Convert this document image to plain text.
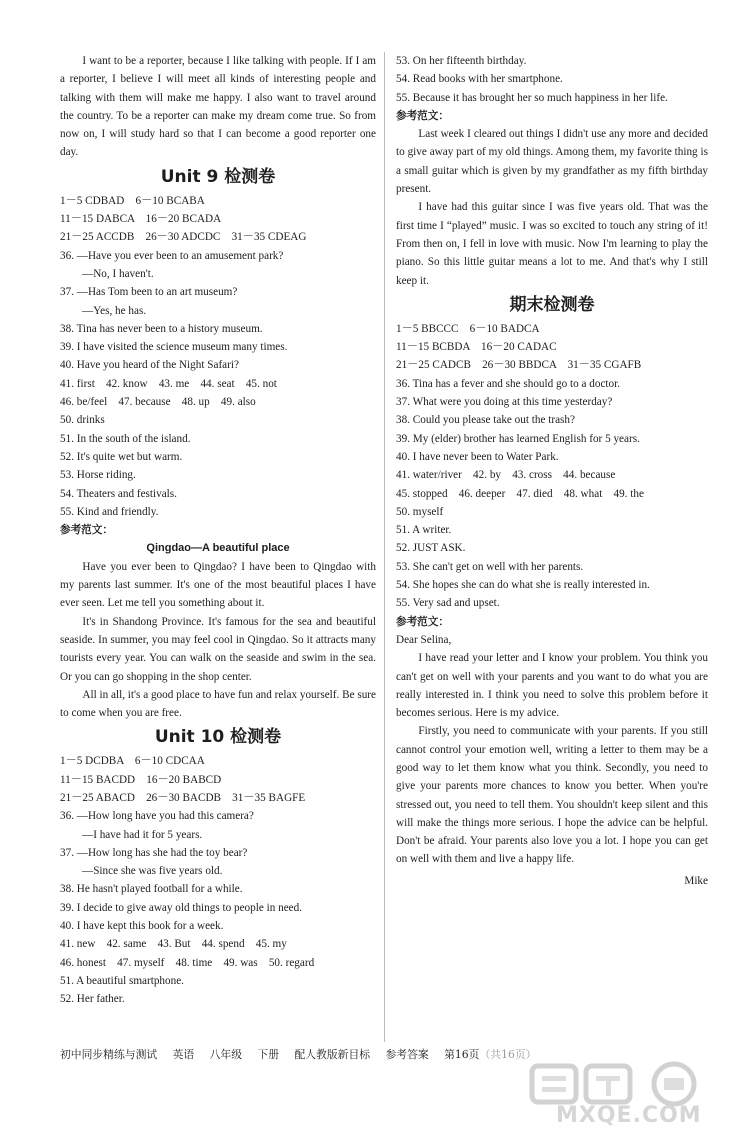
I want to be a reporter, because I like talking with people. If I am a reporter, I believe I will meet all kinds of interesting people and talking with them will make me happy. I also want to travel around the country. To be a reporter can make my dream come true. So from now on, I will study hard so that I can become a good reporter one day.

Unit 9 检测卷

1－5 CDBAD　6－10 BCABA

11－15 DABCA　16－20 BCADA

21－25 ACCDB　26－30 ADCDC　31－35 CDEAG

36. —Have you ever been to an amusement park?

—No, I haven't.

37. —Has Tom been to an art museum?

—Yes, he has.

38. Tina has never been to a history museum.

39. I have visited the science museum many times.

40. Have you heard of the Night Safari?

41. first　42. know　43. me　44. seat　45. not

46. be/feel　47. because　48. up　49. also

50. drinks

51. In the south of the island.

52. It's quite wet but warm.

53. Horse riding.

54. Theaters and festivals.

55. Kind and friendly.

参考范文：

Qingdao—A beautiful place

Have you ever been to Qingdao? I have been to Qingdao with my parents last summer. It's one of the most beautiful places I have ever seen. Let me tell you something about it.

It's in Shandong Province. It's famous for the sea and beautiful seaside. In summer, you may feel cool in Qingdao. So it attracts many tourists every year. You can walk on the seaside and swim in the sea. Or you can go shopping in the shop center.

All in all, it's a good place to have fun and relax yourself. Be sure to come when you are free.

Unit 10 检测卷

1－5 DCDBA　6－10 CDCAA

11－15 BACDD　16－20 BABCD

21－25 ABACD　26－30 BACDB　31－35 BAGFE

36. —How long have you had this camera?

—I have had it for 5 years.

37. —How long has she had the toy bear?

—Since she was five years old.

38. He hasn't played football for a while.

39. I decide to give away old things to people in need.

40. I have kept this book for a week.

41. new　42. same　43. But　44. spend　45. my

46. honest　47. myself　48. time　49. was　50. regard

51. A beautiful smartphone.

52. Her father.

53. On her fifteenth birthday.

54. Read books with her smartphone.

55. Because it has brought her so much happiness in her life.

参考范文：

Last week I cleared out things I didn't use any more and decided to give away part of my old things. Among them, my favorite thing is a small guitar which is given by my grandfather as my fifth birthday present.

I have had this guitar since I was five years old. That was the first time I “played” music. I was so excited to touch any string of it! From then on, I fell in love with music. Now I'm learning to play the piano. So this little guitar means a lot to me. And that's why I still keep it.

期末检测卷

1－5 BBCCC　6－10 BADCA

11－15 BCBDA　16－20 CADAC

21－25 CADCB　26－30 BBDCA　31－35 CGAFB

36. Tina has a fever and she should go to a doctor.

37. What were you doing at this time yesterday?

38. Could you please take out the trash?

39. My (elder) brother has learned English for 5 years.

40. I have never been to Water Park.

41. water/river　42. by　43. cross　44. because

45. stopped　46. deeper　47. died　48. what　49. the

50. myself

51. A writer.

52. JUST ASK.

53. She can't get on well with her parents.

54. She hopes she can do what she is really interested in.

55. Very sad and upset.

参考范文：

Dear Selina,

I have read your letter and I know your problem. You think you can't get on well with your parents and you want to do what you are really interested in. I think you need to solve this problem before it becomes serious. Here is my advice.

Firstly, you need to communicate with your parents. If you still cannot control your emotion well, writing a letter to them may be a good way to let them know what you think. Secondly, you need to give your parents more chances to know you better. When you're stressed out, you need to tell them. You shouldn't keep silent and this will make the things more serious. I hope the advice can be helpful. Don't be afraid. Your parents also love you a lot. I hope you can get on well with them and live a happy life.

Mike

初中同步精练与测试 英语 八年级 下册 配人教版新目标 参考答案 第16页（共16页）
MXQE.COM
